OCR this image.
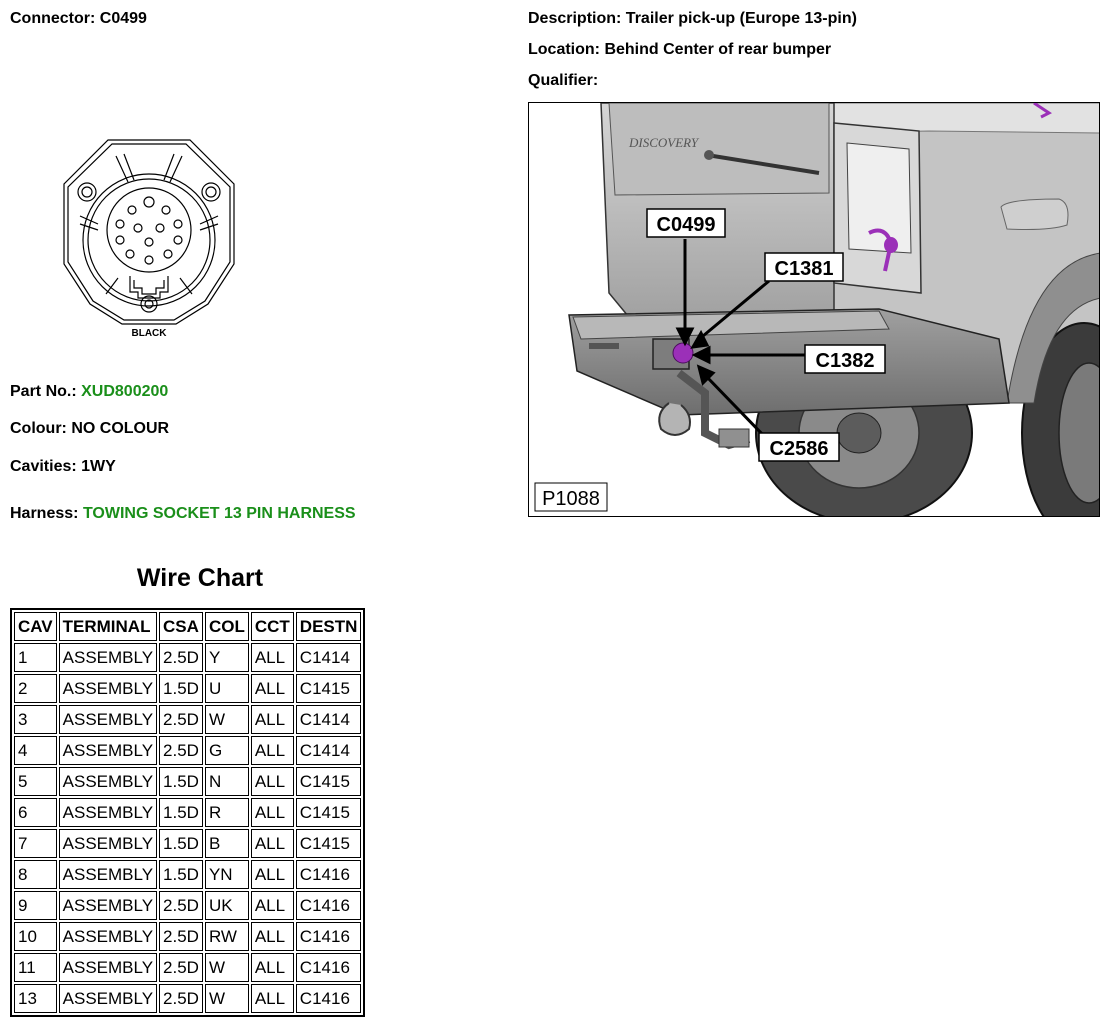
Connector: C0499	Description: Trailer pick-up (Europe 13-pin)
Location: Behind Center of rear bumper
Qualifier:
BLACK
Part No.: XUD800200
Colour: NO COLOUR
Cavities: 1WY
Harness: TOWING SOCKET 13 PIN HARNESS
DISCOVERY
C0499
C1381
C1382
C2586
P1088
Wire Chart
CAV	TERMINAL	CSA	COL	CCT	DESTN
1	ASSEMBLY	2.5D	Y	ALL	C1414
2	ASSEMBLY	1.5D	U	ALL	C1415
3	ASSEMBLY	2.5D	W	ALL	C1414
4	ASSEMBLY	2.5D	G	ALL	C1414
5	ASSEMBLY	1.5D	N	ALL	C1415
6	ASSEMBLY	1.5D	R	ALL	C1415
7	ASSEMBLY	1.5D	B	ALL	C1415
8	ASSEMBLY	1.5D	YN	ALL	C1416
9	ASSEMBLY	2.5D	UK	ALL	C1416
10	ASSEMBLY	2.5D	RW	ALL	C1416
11	ASSEMBLY	2.5D	W	ALL	C1416
13	ASSEMBLY	2.5D	W	ALL	C1416
